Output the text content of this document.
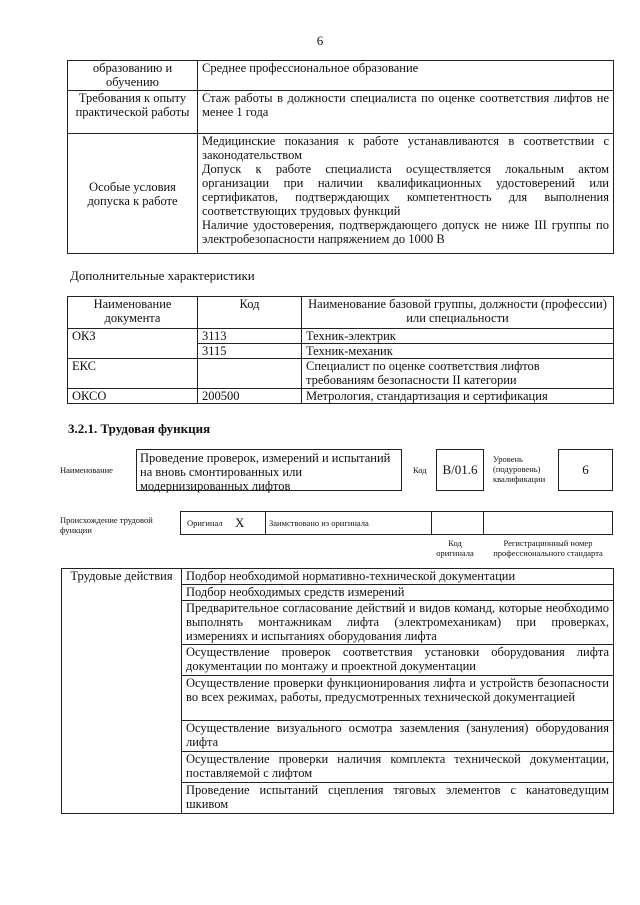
6
образованию и обучению	Среднее профессиональное образование
Требования к опыту практической работы	Стаж работы в должности специалиста по оценке соответствия лифтов не менее 1 года
Особые условия допуска к работе	Медицинские показания к работе устанавливаются в соответствии с законодательством
Допуск к работе специалиста осуществляется локальным актом организации при наличии квалификационных удостоверений или сертификатов, подтверждающих компетентность для выполнения соответствующих трудовых функций
Наличие удостоверения, подтверждающего допуск не ниже III группы по электробезопасности напряжением до 1000 В
Дополнительные характеристики
Наименование документа	Код	Наименование базовой группы, должности (профессии) или специальности
ОКЗ	3113	Техник-электрик
	3115	Техник-механик
ЕКС		Специалист по оценке соответствия лифтов требованиям безопасности II категории
ОКСО	200500	Метрология, стандартизация и сертификация
3.2.1. Трудовая функция
Наименование
Проведение проверок, измерений и испытаний на вновь смонтированных или модернизированных лифтов
Код	В/01.6
Уровень (подуровень) квалификации
6
Происхождение трудовой функции
Оригинал X	Заимствовано из оригинала
Код оригинала
Регистрационный номер профессионального стандарта
Трудовые действия	Подбор необходимой нормативно-технической документации
Подбор необходимых средств измерений
Предварительное согласование действий и видов команд, которые необходимо выполнять монтажникам лифта (электромеханикам) при проверках, измерениях и испытаниях оборудования лифта
Осуществление проверок соответствия установки оборудования лифта документации по монтажу и проектной документации
Осуществление проверки функционирования лифта и устройств безопасности во всех режимах, работы, предусмотренных технической документацией
Осуществление визуального осмотра заземления (зануления) оборудования лифта
Осуществление проверки наличия комплекта технической документации, поставляемой с лифтом
Проведение испытаний сцепления тяговых элементов с канатоведущим шкивом
